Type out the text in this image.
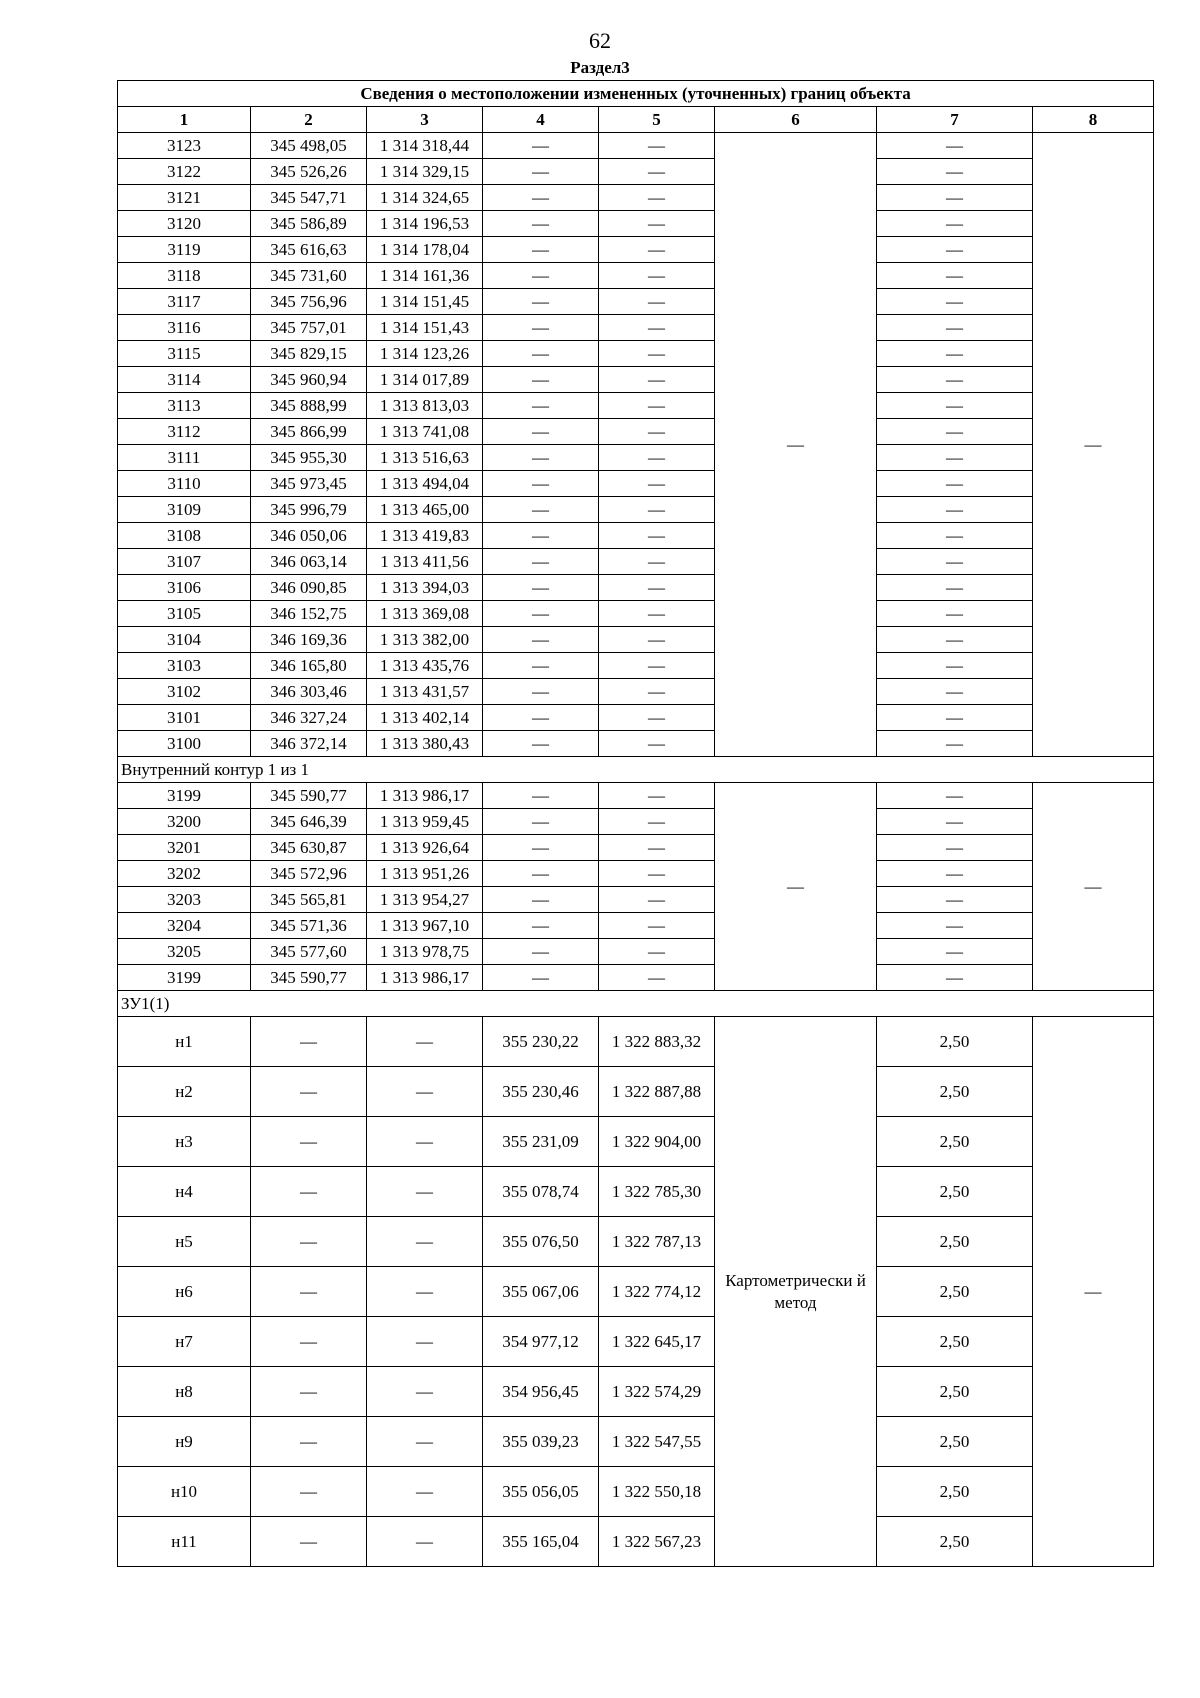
62
Раздел3
Сведения о местоположении измененных (уточненных) границ объекта							
1	2	3	4	5	6	7	8
3123	345 498,05	1 314 318,44	—	—	—	—	—
3122	345 526,26	1 314 329,15	—	—		—	
3121	345 547,71	1 314 324,65	—	—		—	
3120	345 586,89	1 314 196,53	—	—		—	
3119	345 616,63	1 314 178,04	—	—		—	
3118	345 731,60	1 314 161,36	—	—		—	
3117	345 756,96	1 314 151,45	—	—		—	
3116	345 757,01	1 314 151,43	—	—		—	
3115	345 829,15	1 314 123,26	—	—		—	
3114	345 960,94	1 314 017,89	—	—		—	
3113	345 888,99	1 313 813,03	—	—		—	
3112	345 866,99	1 313 741,08	—	—		—	
3111	345 955,30	1 313 516,63	—	—		—	
3110	345 973,45	1 313 494,04	—	—		—	
3109	345 996,79	1 313 465,00	—	—		—	
3108	346 050,06	1 313 419,83	—	—		—	
3107	346 063,14	1 313 411,56	—	—		—	
3106	346 090,85	1 313 394,03	—	—		—	
3105	346 152,75	1 313 369,08	—	—		—	
3104	346 169,36	1 313 382,00	—	—		—	
3103	346 165,80	1 313 435,76	—	—		—	
3102	346 303,46	1 313 431,57	—	—		—	
3101	346 327,24	1 313 402,14	—	—		—	
3100	346 372,14	1 313 380,43	—	—		—	
Внутренний контур 1 из 1							
3199	345 590,77	1 313 986,17	—	—	—	—	—
3200	345 646,39	1 313 959,45	—	—		—	
3201	345 630,87	1 313 926,64	—	—		—	
3202	345 572,96	1 313 951,26	—	—		—	
3203	345 565,81	1 313 954,27	—	—		—	
3204	345 571,36	1 313 967,10	—	—		—	
3205	345 577,60	1 313 978,75	—	—		—	
3199	345 590,77	1 313 986,17	—	—		—	
ЗУ1(1)							
н1	—	—	355 230,22	1 322 883,32	Картометрически й метод	2,50	—
н2	—	—	355 230,46	1 322 887,88		2,50	
н3	—	—	355 231,09	1 322 904,00		2,50	
н4	—	—	355 078,74	1 322 785,30		2,50	
н5	—	—	355 076,50	1 322 787,13		2,50	
н6	—	—	355 067,06	1 322 774,12		2,50	
н7	—	—	354 977,12	1 322 645,17		2,50	
н8	—	—	354 956,45	1 322 574,29		2,50	
н9	—	—	355 039,23	1 322 547,55		2,50	
н10	—	—	355 056,05	1 322 550,18		2,50	
н11	—	—	355 165,04	1 322 567,23		2,50	
